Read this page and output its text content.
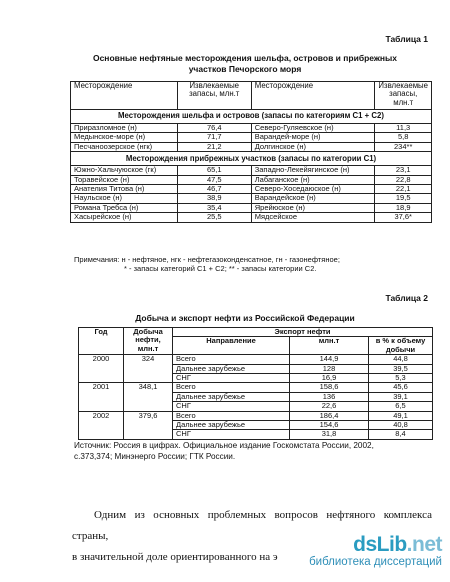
Таблица 1
Основные нефтяные месторождения шельфа, островов и прибрежных
участков Печорского моря
Месторождение	Извлекаемые запасы, млн.т	Месторождение	Извлекаемые запасы, млн.т
Месторождения шельфа и островов (запасы по категориям С1 + С2)			
Приразломное (н)	76,4	Северо-Гуляевское (н)	11,3
Медынское-море (н)	71,7	Варандей-море (н)	5,8
Песчаноозерское (нгк)	21,2	Долгинское (н)	234**
Месторождения прибрежных участков (запасы по категории С1)			
Южно-Хальчуюское (гк)	65,1	Западно-Лекейягинское (н)	23,1
Торавейское (н)	47,5	Лабаганское (н)	22,8
Анателия Титова (н)	46,7	Северо-Хоседаюское (н)	22,1
Наульское (н)	38,9	Варандейское (н)	19,5
Романа Требса (н)	35,4	Ярейюское (н)	18,9
Хасырейское (н)	25,5	Мядсейское	37,6*
Примечания: н - нефтяное, нгк - нефтегазоконденсатное, гн - газонефтяное;
* - запасы категорий С1 + С2; ** - запасы категории С2.
Таблица 2
Добыча и экспорт нефти из Российской Федерации
Год	Добыча нефти, млн.т	Экспорт нефти		
		Направление	млн.т	в % к объему добычи
2000	324	Всего	144,9	44,8
		Дальнее зарубежье	128	39,5
		СНГ	16,9	5,3
2001	348,1	Всего	158,6	45,6
		Дальнее зарубежье	136	39,1
		СНГ	22,6	6,5
2002	379,6	Всего	186,4	49,1
		Дальнее зарубежье	154,6	40,8
		СНГ	31,8	8,4
Источник: Россия в цифрах. Официальное издание Госкомстата России, 2002, с.373,374; Минэнерго России; ГТК России.
Одним из основных проблемных вопросов нефтяного комплекса страны,
в значительной доле ориентированного на э
dsLib.net
библиотека диссертаций
